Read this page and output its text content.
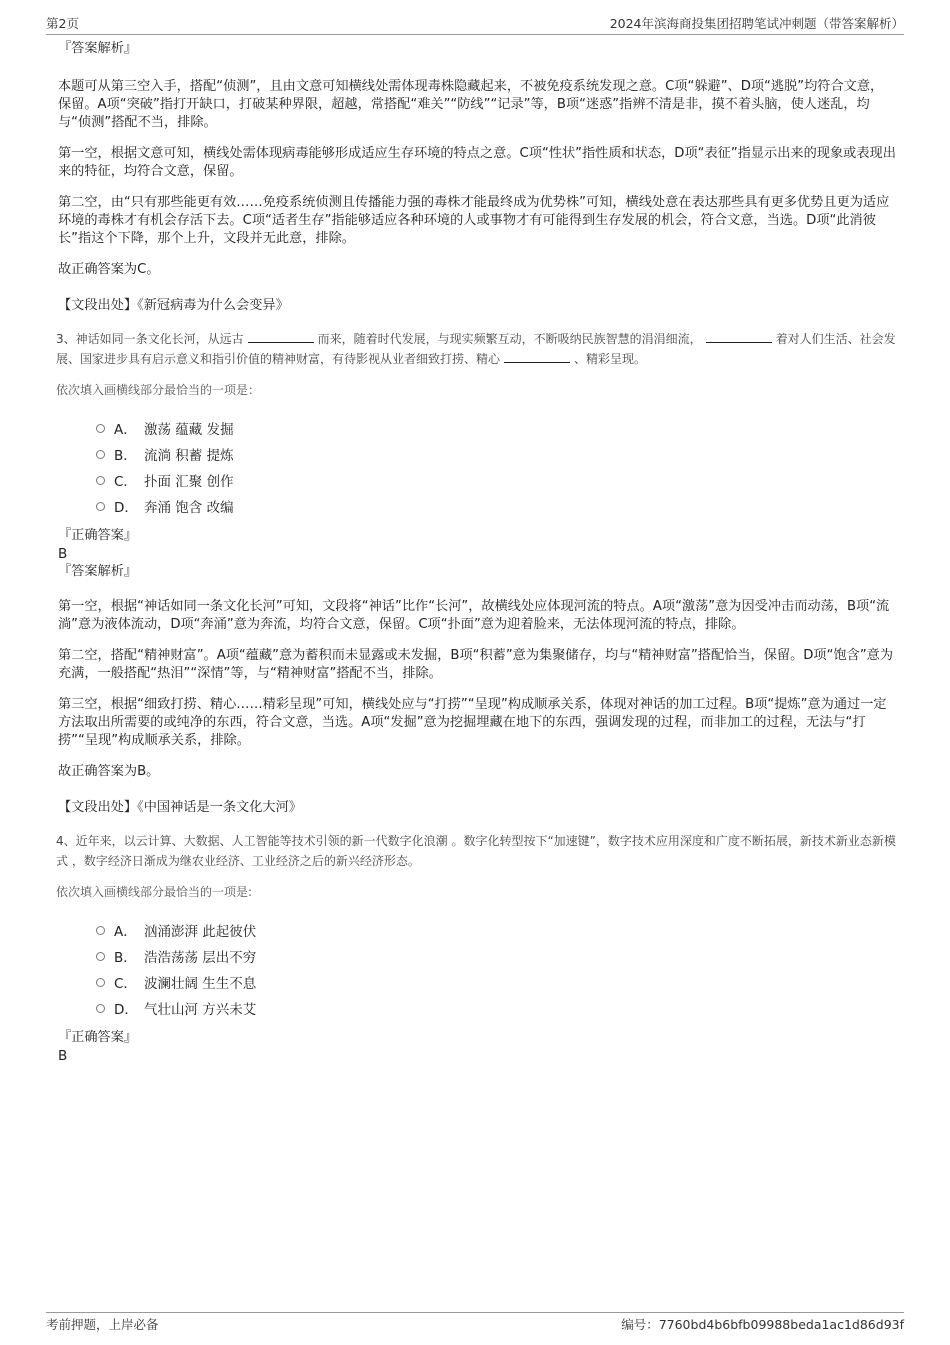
第2页	2024年滨海商投集团招聘笔试冲刺题（带答案解析）

『答案解析』

本题可从第三空入手，搭配“侦测”，且由文意可知横线处需体现毒株隐藏起来，不被免疫系统发现之意。C项“躲避”、D项“逃脱”均符合文意，保留。A项“突破”指打开缺口，打破某种界限，超越，常搭配“难关”“防线”“记录”等，B项“迷惑”指辨不清是非，摸不着头脑，使人迷乱，均与“侦测”搭配不当，排除。

第一空，根据文意可知，横线处需体现病毒能够形成适应生存环境的特点之意。C项“性状”指性质和状态，D项“表征”指显示出来的现象或表现出来的特征，均符合文意，保留。

第二空，由“只有那些能更有效……免疫系统侦测且传播能力强的毒株才能最终成为优势株”可知，横线处意在表达那些具有更多优势且更为适应环境的毒株才有机会存活下去。C项“适者生存”指能够适应各种环境的人或事物才有可能得到生存发展的机会，符合文意，当选。D项“此消彼长”指这个下降，那个上升，文段并无此意，排除。

故正确答案为C。

【文段出处】《新冠病毒为什么会变异》

3、神话如同一条文化长河，从远古	而来，随着时代发展，与现实频繁互动，不断吸纳民族智慧的涓涓细流，	着对人们生活、社会发展、国家进步具有启示意义和指引价值的精神财富，有待影视从业者细致打捞、精心	、精彩呈现。

依次填入画横线部分最恰当的一项是：

A． 激荡 蕴藏 发掘
B． 流淌 积蓄 提炼
C． 扑面 汇聚 创作
D． 奔涌 饱含 改编

『正确答案』

B

『答案解析』

第一空，根据“神话如同一条文化长河”可知，文段将“神话”比作“长河”，故横线处应体现河流的特点。A项“激荡”意为因受冲击而动荡，B项“流淌”意为液体流动，D项“奔涌”意为奔流，均符合文意，保留。C项“扑面”意为迎着脸来，无法体现河流的特点，排除。

第二空，搭配“精神财富”。A项“蕴藏”意为蓄积而未显露或未发掘，B项“积蓄”意为集聚储存，均与“精神财富”搭配恰当，保留。D项“饱含”意为充满，一般搭配“热泪”“深情”等，与“精神财富”搭配不当，排除。

第三空，根据“细致打捞、精心……精彩呈现”可知，横线处应与“打捞”“呈现”构成顺承关系，体现对神话的加工过程。B项“提炼”意为通过一定方法取出所需要的或纯净的东西，符合文意，当选。A项“发掘”意为挖掘埋藏在地下的东西，强调发现的过程，而非加工的过程，无法与“打捞”“呈现”构成顺承关系，排除。

故正确答案为B。

【文段出处】《中国神话是一条文化大河》

4、近年来，以云计算、大数据、人工智能等技术引领的新一代数字化浪潮 。数字化转型按下“加速键”，数字技术应用深度和广度不断拓展，新技术新业态新模式 ，数字经济日渐成为继农业经济、工业经济之后的新兴经济形态。

依次填入画横线部分最恰当的一项是:

A． 汹涌澎湃 此起彼伏
B． 浩浩荡荡 层出不穷
C． 波澜壮阔 生生不息
D． 气壮山河 方兴未艾

『正确答案』

B

考前押题，上岸必备	编号：7760bd4b6bfb09988beda1ac1d86d93f
